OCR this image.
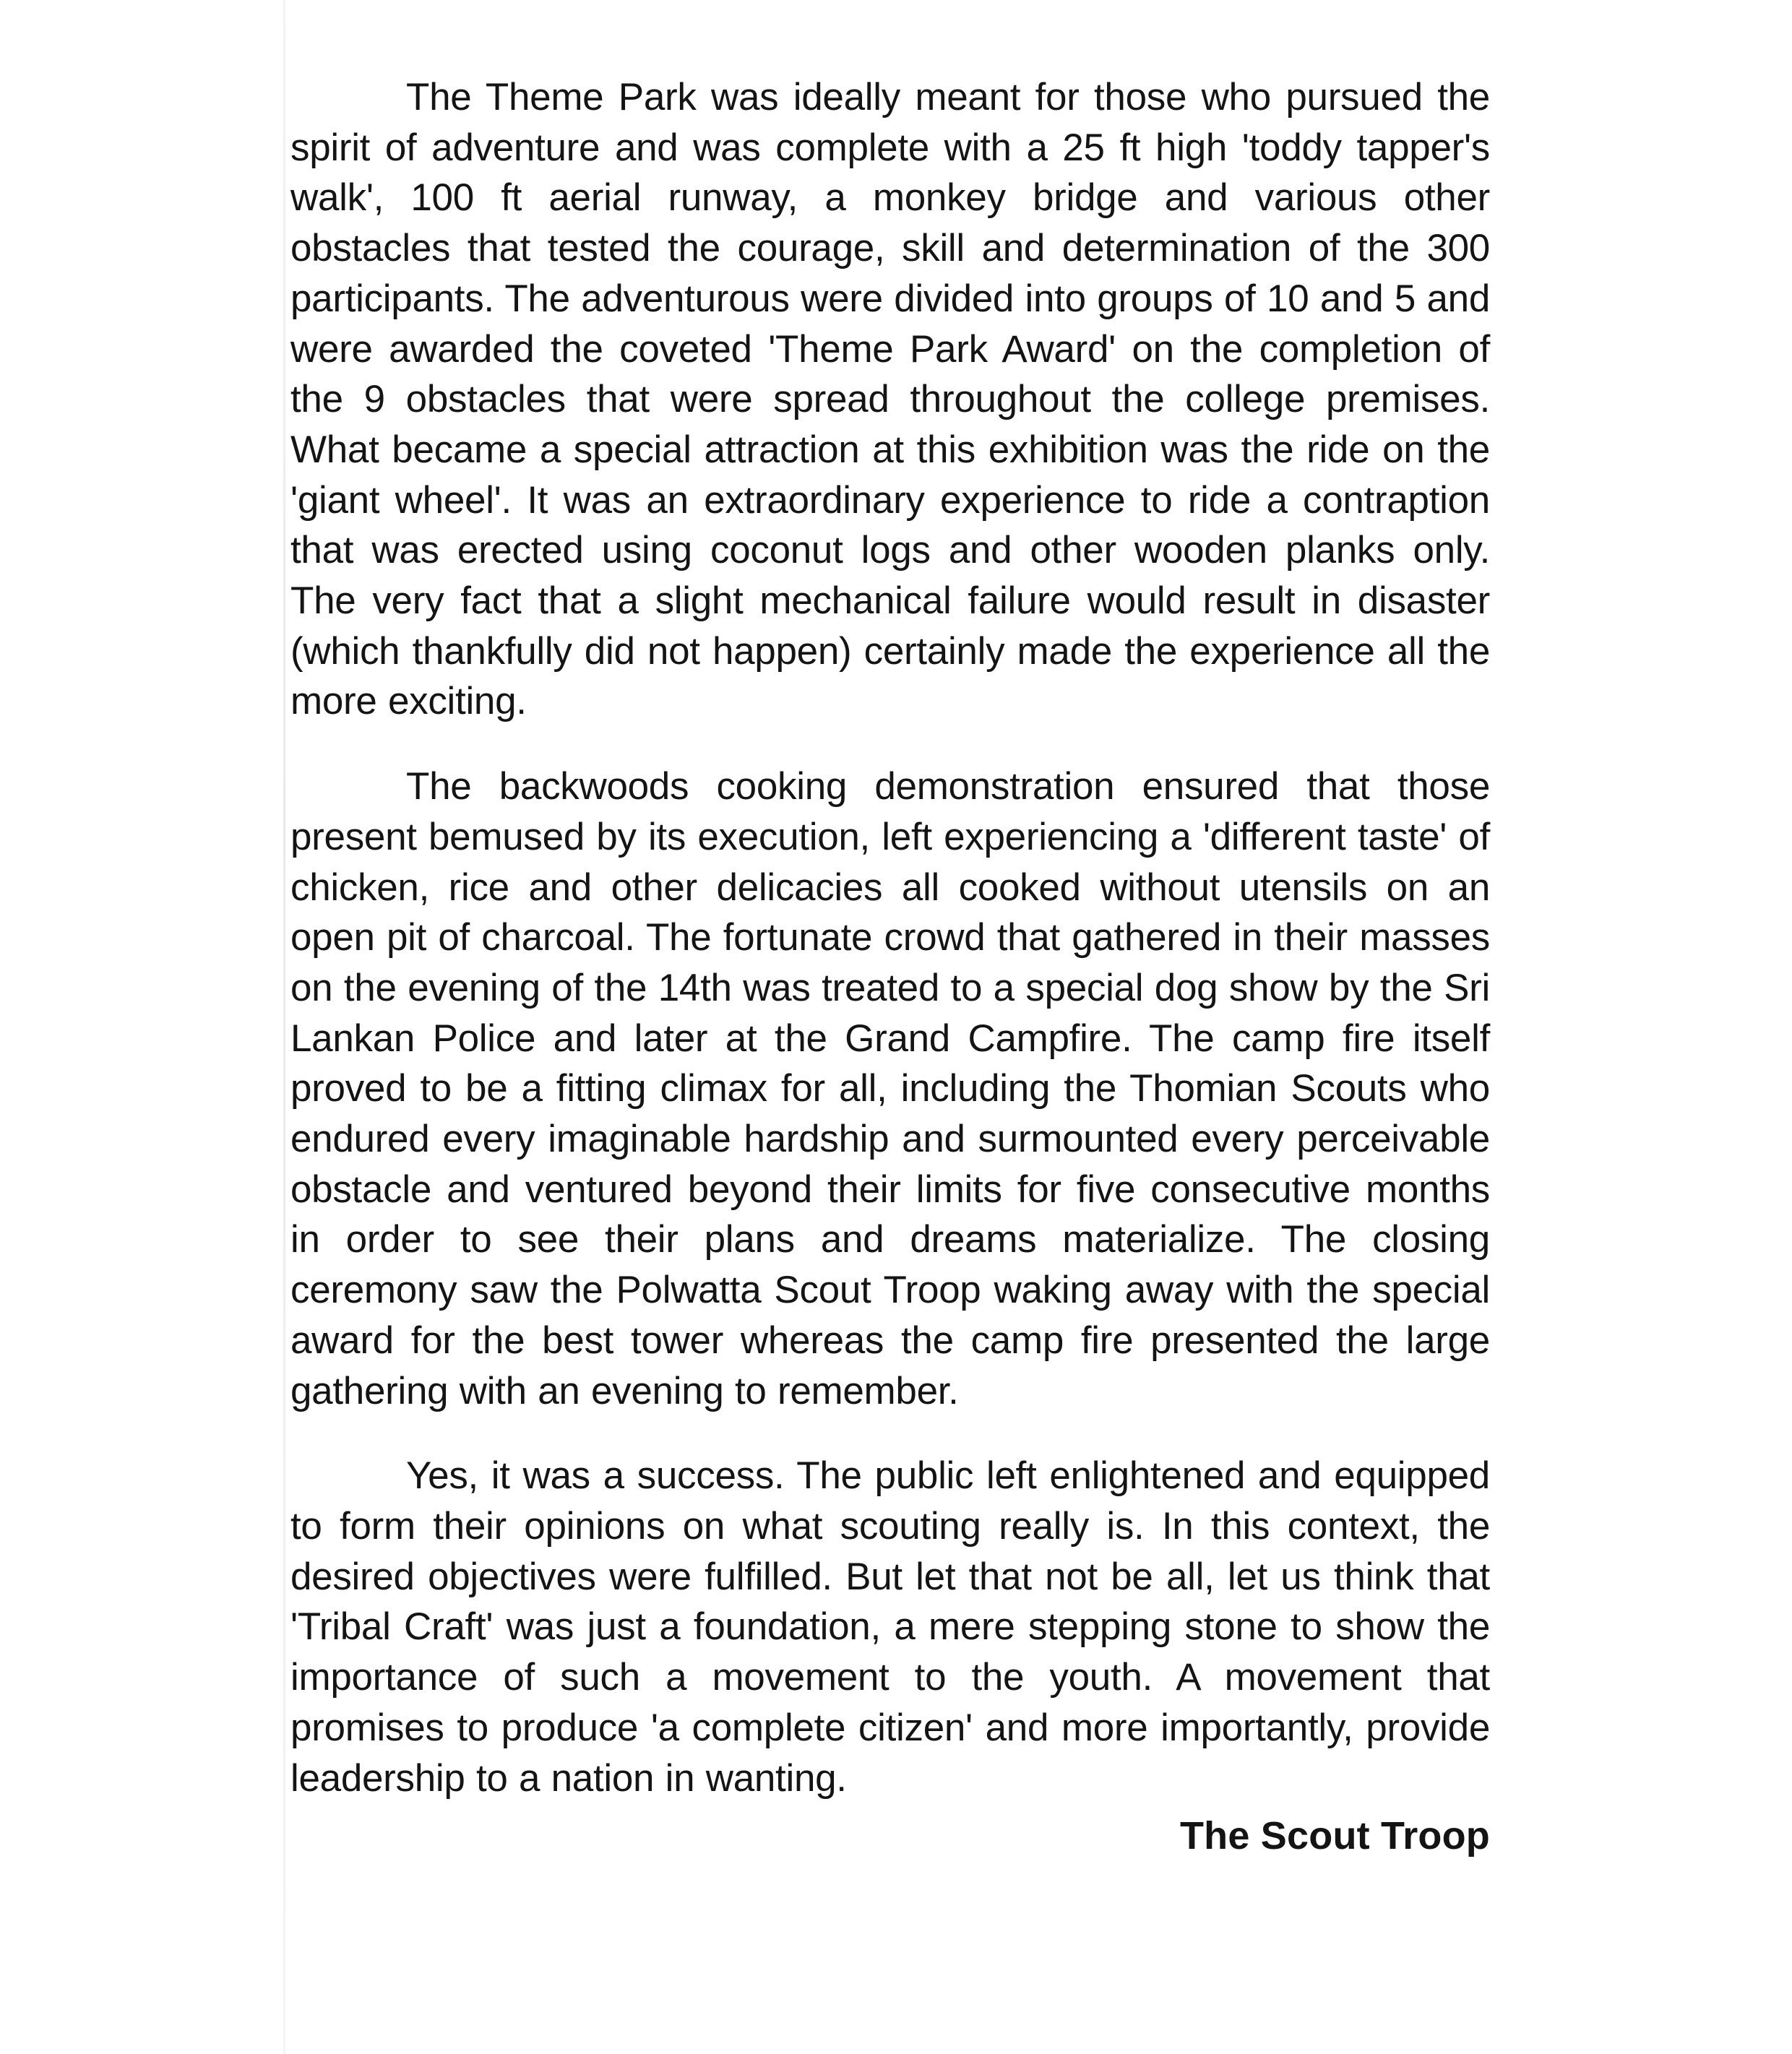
The Theme Park was ideally meant for those who pursued the spirit of adventure and was complete with a 25 ft high 'toddy tapper's walk', 100 ft aerial runway, a monkey bridge and various other obstacles that tested the courage, skill and determination of the 300 participants. The adventurous were divided into groups of 10 and 5 and were awarded the coveted 'Theme Park Award' on the completion of the 9 obstacles that were spread throughout the college premises. What became a special attraction at this exhibition was the ride on the 'giant wheel'. It was an extraordinary experience to ride a contraption that was erected using coconut logs and other wooden planks only. The very fact that a slight mechanical failure would result in disaster (which thankfully did not happen) certainly made the experience all the more exciting.

The backwoods cooking demonstration ensured that those present bemused by its execution, left experiencing a 'different taste' of chicken, rice and other delicacies all cooked without utensils on an open pit of charcoal. The fortunate crowd that gathered in their masses on the evening of the 14th was treated to a special dog show by the Sri Lankan Police and later at the Grand Campfire. The camp fire itself proved to be a fitting climax for all, including the Thomian Scouts who endured every imaginable hardship and surmounted every perceivable obstacle and ventured beyond their limits for five consecutive months in order to see their plans and dreams materialize. The closing ceremony saw the Polwatta Scout Troop waking away with the special award for the best tower whereas the camp fire presented the large gathering with an evening to remember.

Yes, it was a success. The public left enlightened and equipped to form their opinions on what scouting really is. In this context, the desired objectives were fulfilled. But let that not be all, let us think that 'Tribal Craft' was just a foundation, a mere stepping stone to show the importance of such a movement to the youth. A movement that promises to produce 'a complete citizen' and more importantly, provide leadership to a nation in wanting.

The Scout Troop
